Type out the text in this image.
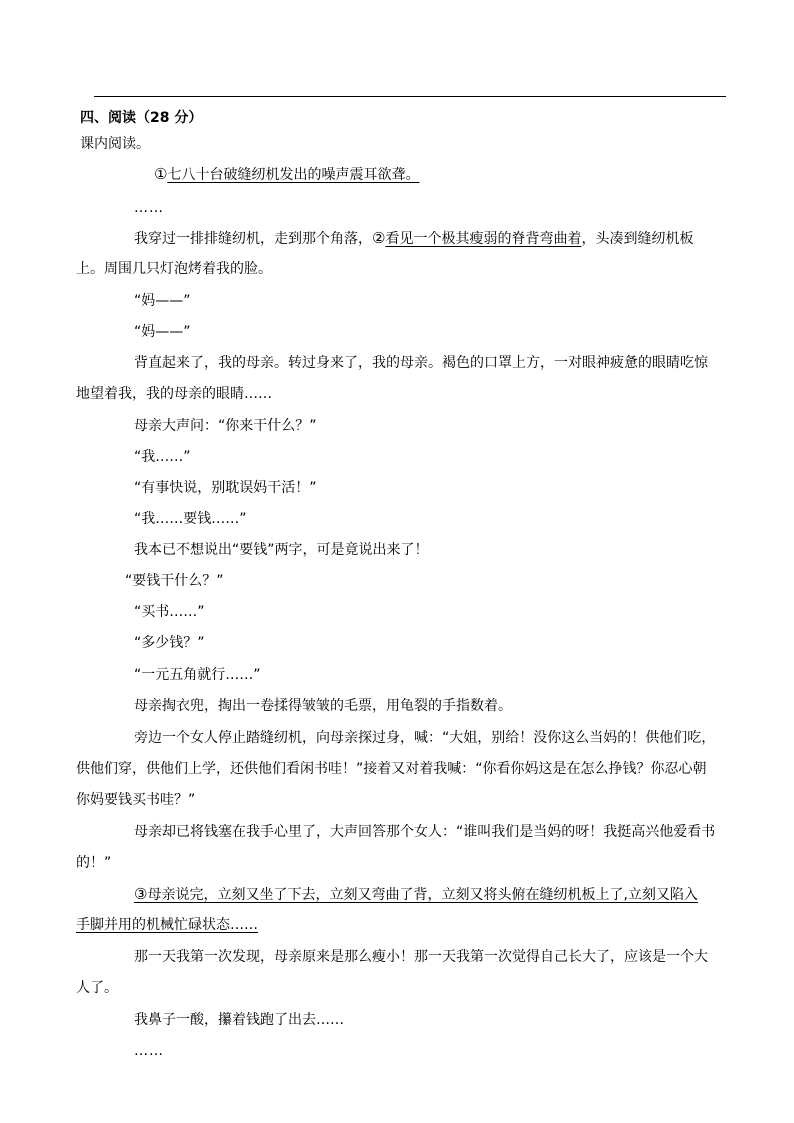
四、阅读（28 分）
课内阅读。
①七八十台破缝纫机发出的噪声震耳欲聋。
……
我穿过一排排缝纫机，走到那个角落，②看见一个极其瘦弱的脊背弯曲着，头凑到缝纫机板
上。周围几只灯泡烤着我的脸。
“妈——”
“妈——”
背直起来了，我的母亲。转过身来了，我的母亲。褐色的口罩上方，一对眼神疲惫的眼睛吃惊
地望着我，我的母亲的眼睛……
母亲大声问：“你来干什么？”
“我……”
“有事快说，别耽误妈干活！”
“我……要钱……”
我本已不想说出“要钱”两字，可是竟说出来了！
“要钱干什么？”
“买书……”
“多少钱？”
“一元五角就行……”
母亲掏衣兜，掏出一卷揉得皱皱的毛票，用龟裂的手指数着。
旁边一个女人停止踏缝纫机，向母亲探过身，喊：“大姐，别给！没你这么当妈的！供他们吃，
供他们穿，供他们上学，还供他们看闲书哇！”接着又对着我喊：“你看你妈这是在怎么挣钱？你忍心朝
你妈要钱买书哇？”
母亲却已将钱塞在我手心里了，大声回答那个女人：“谁叫我们是当妈的呀！我挺高兴他爱看书
的！”
③母亲说完，立刻又坐了下去，立刻又弯曲了背，立刻又将头俯在缝纫机板上了,立刻又陷入
手脚并用的机械忙碌状态……
那一天我第一次发现，母亲原来是那么瘦小！那一天我第一次觉得自己长大了，应该是一个大
人了。
我鼻子一酸，攥着钱跑了出去……
……
